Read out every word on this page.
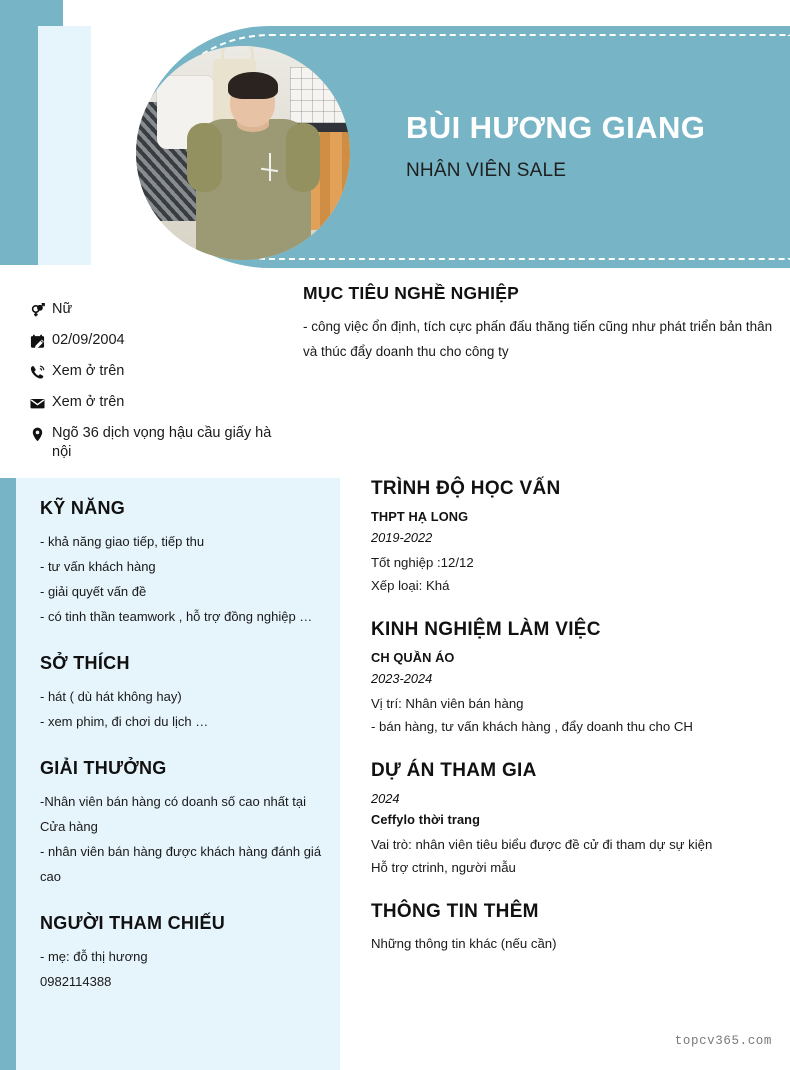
BÙI HƯƠNG GIANG
NHÂN VIÊN SALE
Nữ
02/09/2004
Xem ở trên
Xem ở trên
Ngõ 36 dịch vọng hậu cầu giấy hà nội
MỤC TIÊU NGHỀ NGHIỆP
- công việc ổn định, tích cực phấn đấu thăng tiến cũng như phát triển bản thân và thúc đẩy doanh thu cho công ty
KỸ NĂNG
- khả năng giao tiếp, tiếp thu
- tư vấn khách hàng
- giải quyết vấn đề
- có tinh thần teamwork , hỗ trợ đồng nghiệp …
SỞ THÍCH
- hát ( dù hát không hay)
- xem phim, đi chơi du lịch …
GIẢI THƯỞNG
-Nhân viên bán hàng có doanh số cao nhất tại Cửa hàng
- nhân viên bán hàng được khách hàng đánh giá cao
NGƯỜI THAM CHIẾU
- mẹ: đỗ thị hương
0982114388
TRÌNH ĐỘ HỌC VẤN
THPT HẠ LONG
2019-2022
Tốt nghiệp :12/12
Xếp loại: Khá
KINH NGHIỆM LÀM VIỆC
CH QUẦN ÁO
2023-2024
Vị trí: Nhân viên bán hàng
- bán hàng, tư vấn khách hàng , đẩy doanh thu cho CH
DỰ ÁN THAM GIA
2024
Ceffylo thời trang
Vai trò: nhân viên tiêu biểu được đề cử đi tham dự sự kiện
Hỗ trợ ctrinh, người mẫu
THÔNG TIN THÊM
Những thông tin khác (nếu cần)
topcv365.com
